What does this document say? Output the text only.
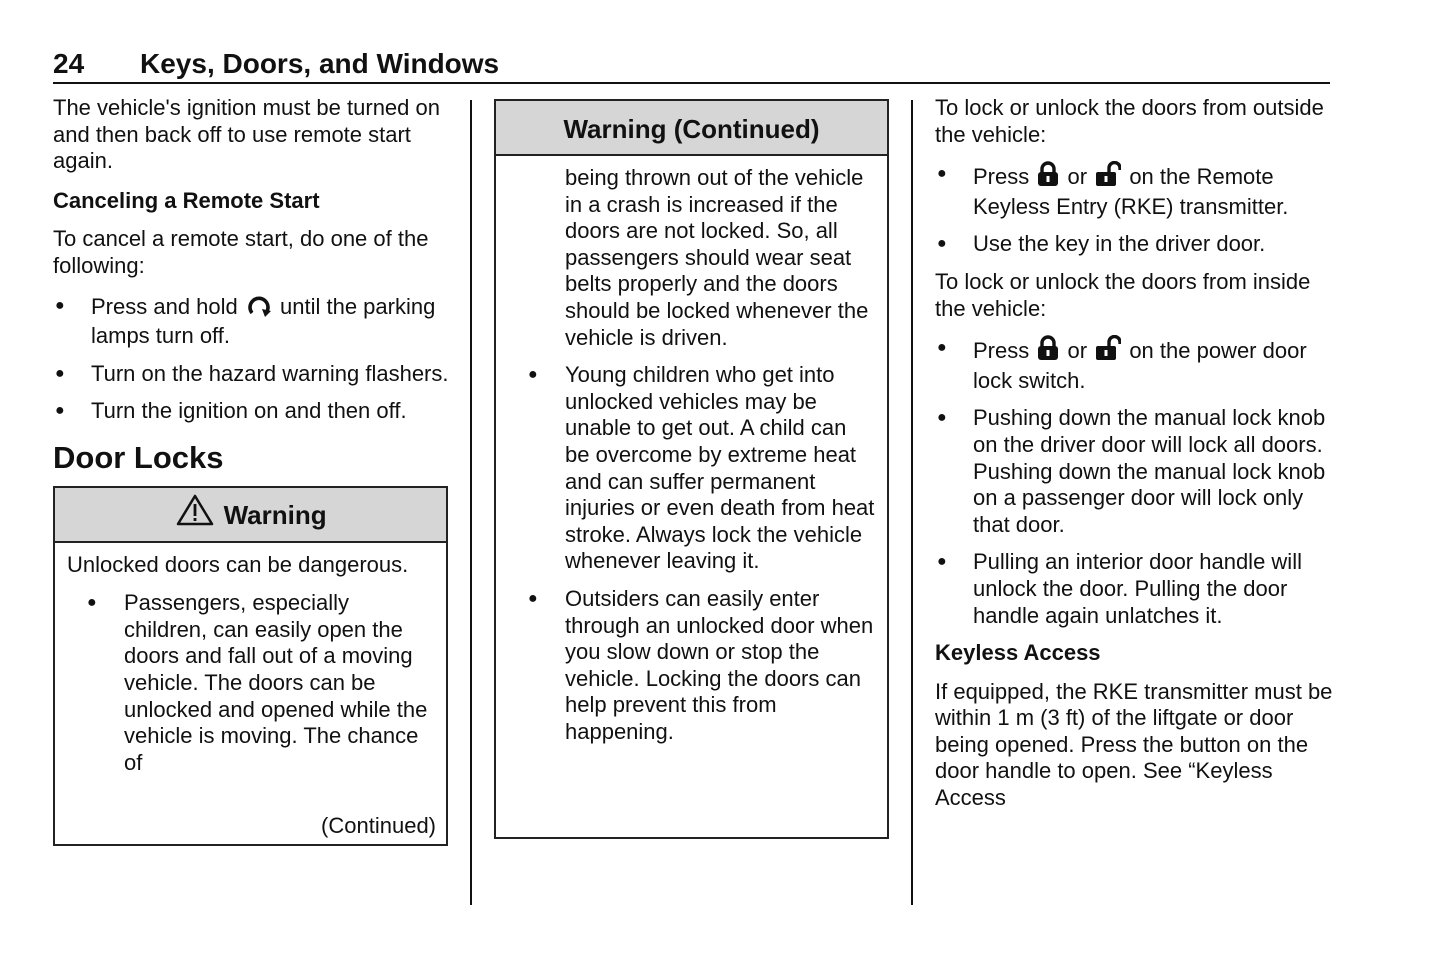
24 Keys, Doors, and Windows

The vehicle's ignition must be turned on and then back off to use remote start again.

Canceling a Remote Start

To cancel a remote start, do one of the following:

● Press and hold until the parking lamps turn off.
● Turn on the hazard warning flashers.
● Turn the ignition on and then off.
Door Locks
Warning

Unlocked doors can be dangerous.

● Passengers, especially children, can easily open the doors and fall out of a moving vehicle. The doors can be unlocked and opened while the vehicle is moving. The chance of
(Continued)
Warning (Continued)

being thrown out of the vehicle in a crash is increased if the doors are not locked. So, all passengers should wear seat belts properly and the doors should be locked whenever the vehicle is driven.

● Young children who get into unlocked vehicles may be unable to get out. A child can be overcome by extreme heat and can suffer permanent injuries or even death from heat stroke. Always lock the vehicle whenever leaving it.
● Outsiders can easily enter through an unlocked door when you slow down or stop the vehicle. Locking the doors can help prevent this from happening.

To lock or unlock the doors from outside the vehicle:

● Press or on the Remote Keyless Entry (RKE) transmitter.
● Use the key in the driver door.

To lock or unlock the doors from inside the vehicle:

● Press or on the power door lock switch.
● Pushing down the manual lock knob on the driver door will lock all doors. Pushing down the manual lock knob on a passenger door will lock only that door.
● Pulling an interior door handle will unlock the door. Pulling the door handle again unlatches it.
Keyless Access

If equipped, the RKE transmitter must be within 1 m (3 ft) of the liftgate or door being opened. Press the button on the door handle to open. See “Keyless Access
